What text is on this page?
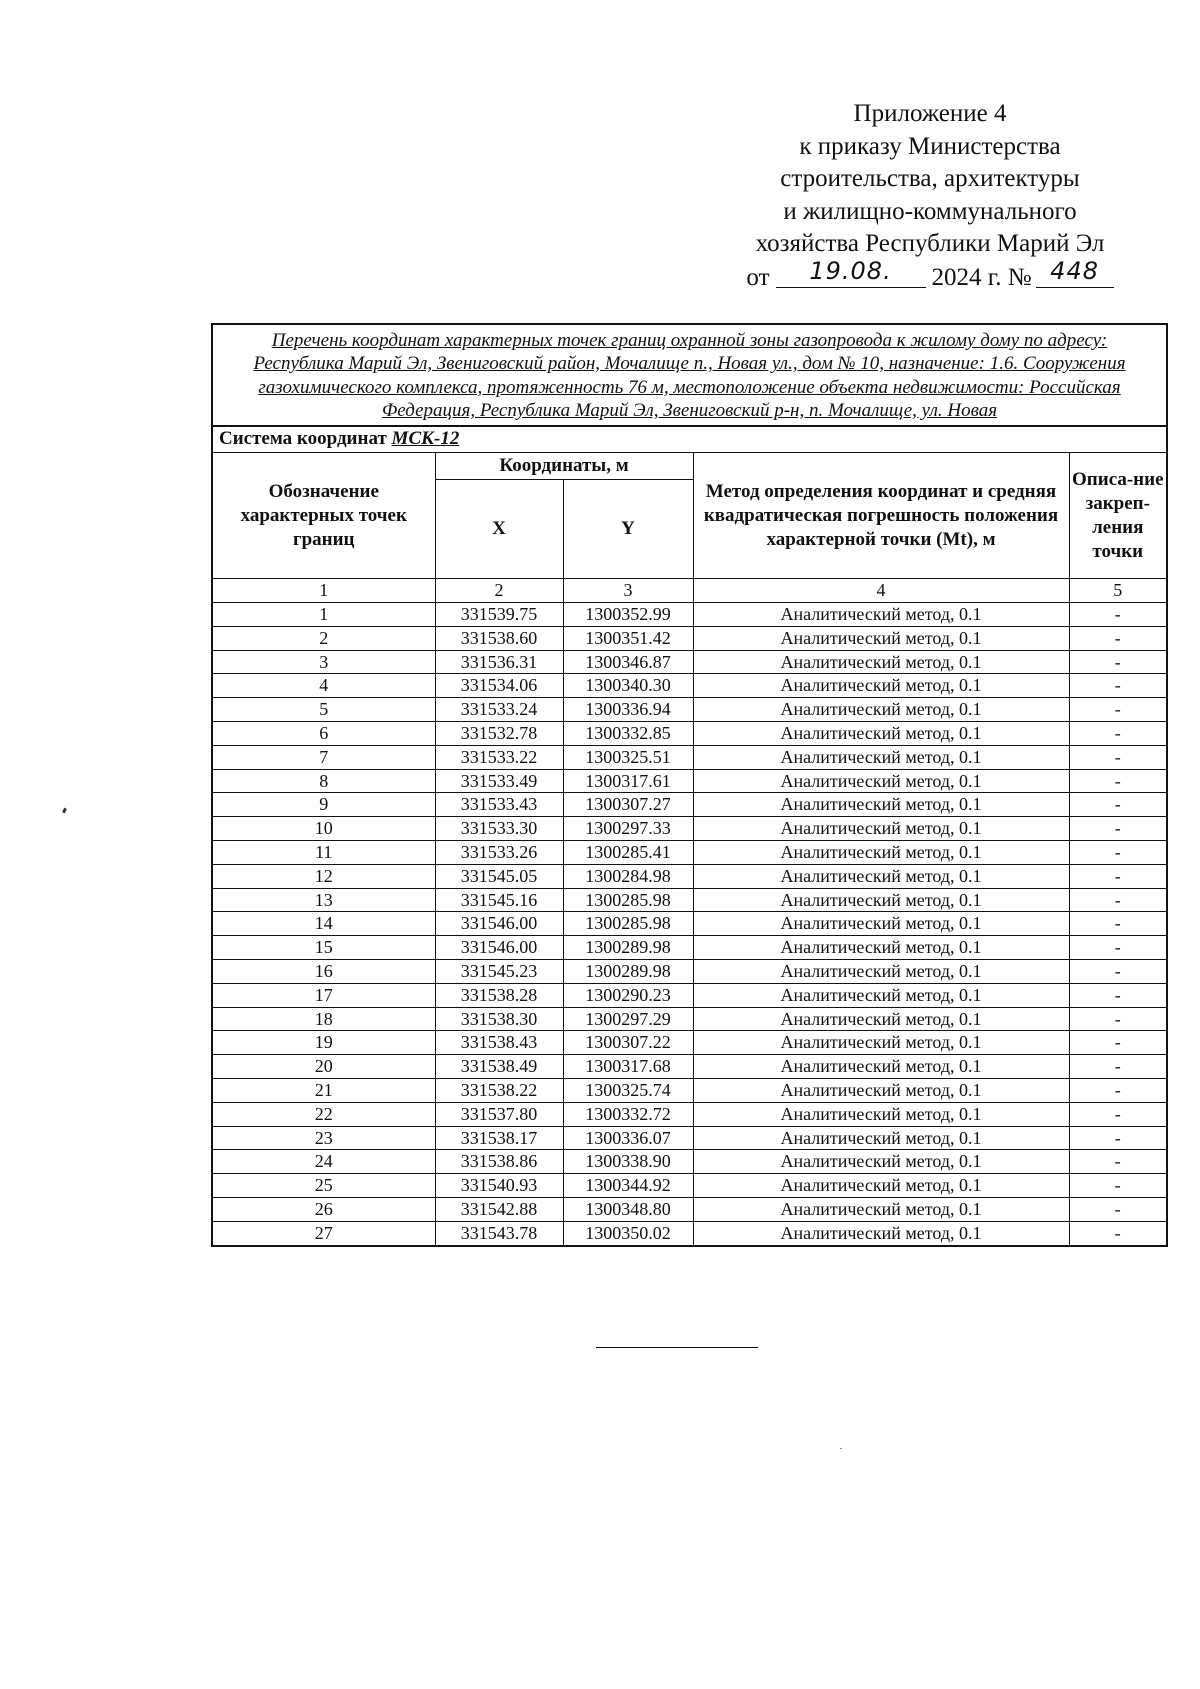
Приложение 4
к приказу Министерства
строительства, архитектуры
и жилищно-коммунального
хозяйства Республики Марий Эл
от 19.08. 2024 г. № 448
Перечень координат характерных точек границ охранной зоны газопровода к жилому дому по адресу: Республика Марий Эл, Звениговский район, Мочалище п., Новая ул., дом № 10, назначение: 1.6. Сооружения газохимического комплекса, протяженность 76 м, местоположение объекта недвижимости: Российская Федерация, Республика Марий Эл, Звениговский р-н, п. Мочалище, ул. Новая				
Система координат МСК-12				
Обозначение характерных точек границ	Координаты, м		Метод определения координат и средняя квадратическая погрешность положения характерной точки (Mt), м	Описа-ние закреп-ления точки
	X	Y		
1	2	3	4	5
1	331539.75	1300352.99	Аналитический метод, 0.1	-
2	331538.60	1300351.42	Аналитический метод, 0.1	-
3	331536.31	1300346.87	Аналитический метод, 0.1	-
4	331534.06	1300340.30	Аналитический метод, 0.1	-
5	331533.24	1300336.94	Аналитический метод, 0.1	-
6	331532.78	1300332.85	Аналитический метод, 0.1	-
7	331533.22	1300325.51	Аналитический метод, 0.1	-
8	331533.49	1300317.61	Аналитический метод, 0.1	-
9	331533.43	1300307.27	Аналитический метод, 0.1	-
10	331533.30	1300297.33	Аналитический метод, 0.1	-
11	331533.26	1300285.41	Аналитический метод, 0.1	-
12	331545.05	1300284.98	Аналитический метод, 0.1	-
13	331545.16	1300285.98	Аналитический метод, 0.1	-
14	331546.00	1300285.98	Аналитический метод, 0.1	-
15	331546.00	1300289.98	Аналитический метод, 0.1	-
16	331545.23	1300289.98	Аналитический метод, 0.1	-
17	331538.28	1300290.23	Аналитический метод, 0.1	-
18	331538.30	1300297.29	Аналитический метод, 0.1	-
19	331538.43	1300307.22	Аналитический метод, 0.1	-
20	331538.49	1300317.68	Аналитический метод, 0.1	-
21	331538.22	1300325.74	Аналитический метод, 0.1	-
22	331537.80	1300332.72	Аналитический метод, 0.1	-
23	331538.17	1300336.07	Аналитический метод, 0.1	-
24	331538.86	1300338.90	Аналитический метод, 0.1	-
25	331540.93	1300344.92	Аналитический метод, 0.1	-
26	331542.88	1300348.80	Аналитический метод, 0.1	-
27	331543.78	1300350.02	Аналитический метод, 0.1	-
